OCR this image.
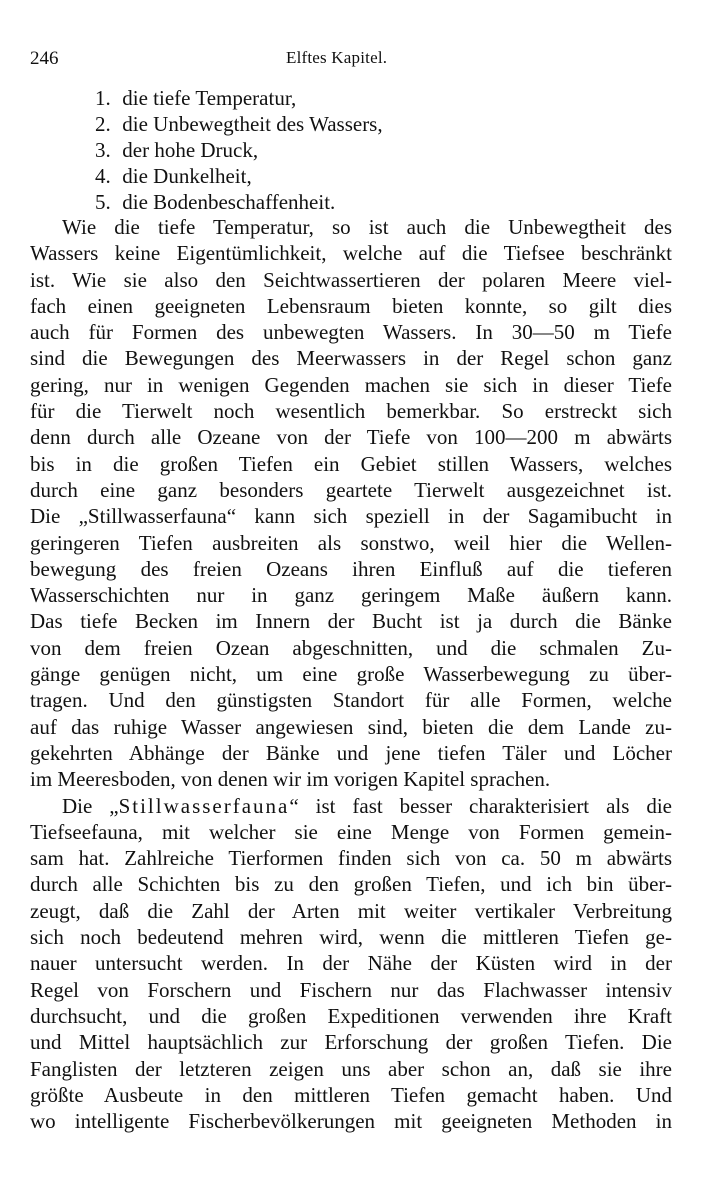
246	Elftes Kapitel.
1. die tiefe Temperatur,
2. die Unbewegtheit des Wassers,
3. der hohe Druck,
4. die Dunkelheit,
5. die Bodenbeschaffenheit.
Wie die tiefe Temperatur, so ist auch die Unbewegtheit des
Wassers keine Eigentümlichkeit, welche auf die Tiefsee beschränkt
ist. Wie sie also den Seichtwassertieren der polaren Meere viel-
fach einen geeigneten Lebensraum bieten konnte, so gilt dies
auch für Formen des unbewegten Wassers. In 30—50 m Tiefe
sind die Bewegungen des Meerwassers in der Regel schon ganz
gering, nur in wenigen Gegenden machen sie sich in dieser Tiefe
für die Tierwelt noch wesentlich bemerkbar. So erstreckt sich
denn durch alle Ozeane von der Tiefe von 100—200 m abwärts
bis in die großen Tiefen ein Gebiet stillen Wassers, welches
durch eine ganz besonders geartete Tierwelt ausgezeichnet ist.
Die „Stillwasserfauna“ kann sich speziell in der Sagamibucht in
geringeren Tiefen ausbreiten als sonstwo, weil hier die Wellen-
bewegung des freien Ozeans ihren Einfluß auf die tieferen
Wasserschichten nur in ganz geringem Maße äußern kann.
Das tiefe Becken im Innern der Bucht ist ja durch die Bänke
von dem freien Ozean abgeschnitten, und die schmalen Zu-
gänge genügen nicht, um eine große Wasserbewegung zu über-
tragen. Und den günstigsten Standort für alle Formen, welche
auf das ruhige Wasser angewiesen sind, bieten die dem Lande zu-
gekehrten Abhänge der Bänke und jene tiefen Täler und Löcher
im Meeresboden, von denen wir im vorigen Kapitel sprachen.
Die „Stillwasserfauna“ ist fast besser charakterisiert als die
Tiefseefauna, mit welcher sie eine Menge von Formen gemein-
sam hat. Zahlreiche Tierformen finden sich von ca. 50 m abwärts
durch alle Schichten bis zu den großen Tiefen, und ich bin über-
zeugt, daß die Zahl der Arten mit weiter vertikaler Verbreitung
sich noch bedeutend mehren wird, wenn die mittleren Tiefen ge-
nauer untersucht werden. In der Nähe der Küsten wird in der
Regel von Forschern und Fischern nur das Flachwasser intensiv
durchsucht, und die großen Expeditionen verwenden ihre Kraft
und Mittel hauptsächlich zur Erforschung der großen Tiefen. Die
Fanglisten der letzteren zeigen uns aber schon an, daß sie ihre
größte Ausbeute in den mittleren Tiefen gemacht haben. Und
wo intelligente Fischerbevölkerungen mit geeigneten Methoden in
